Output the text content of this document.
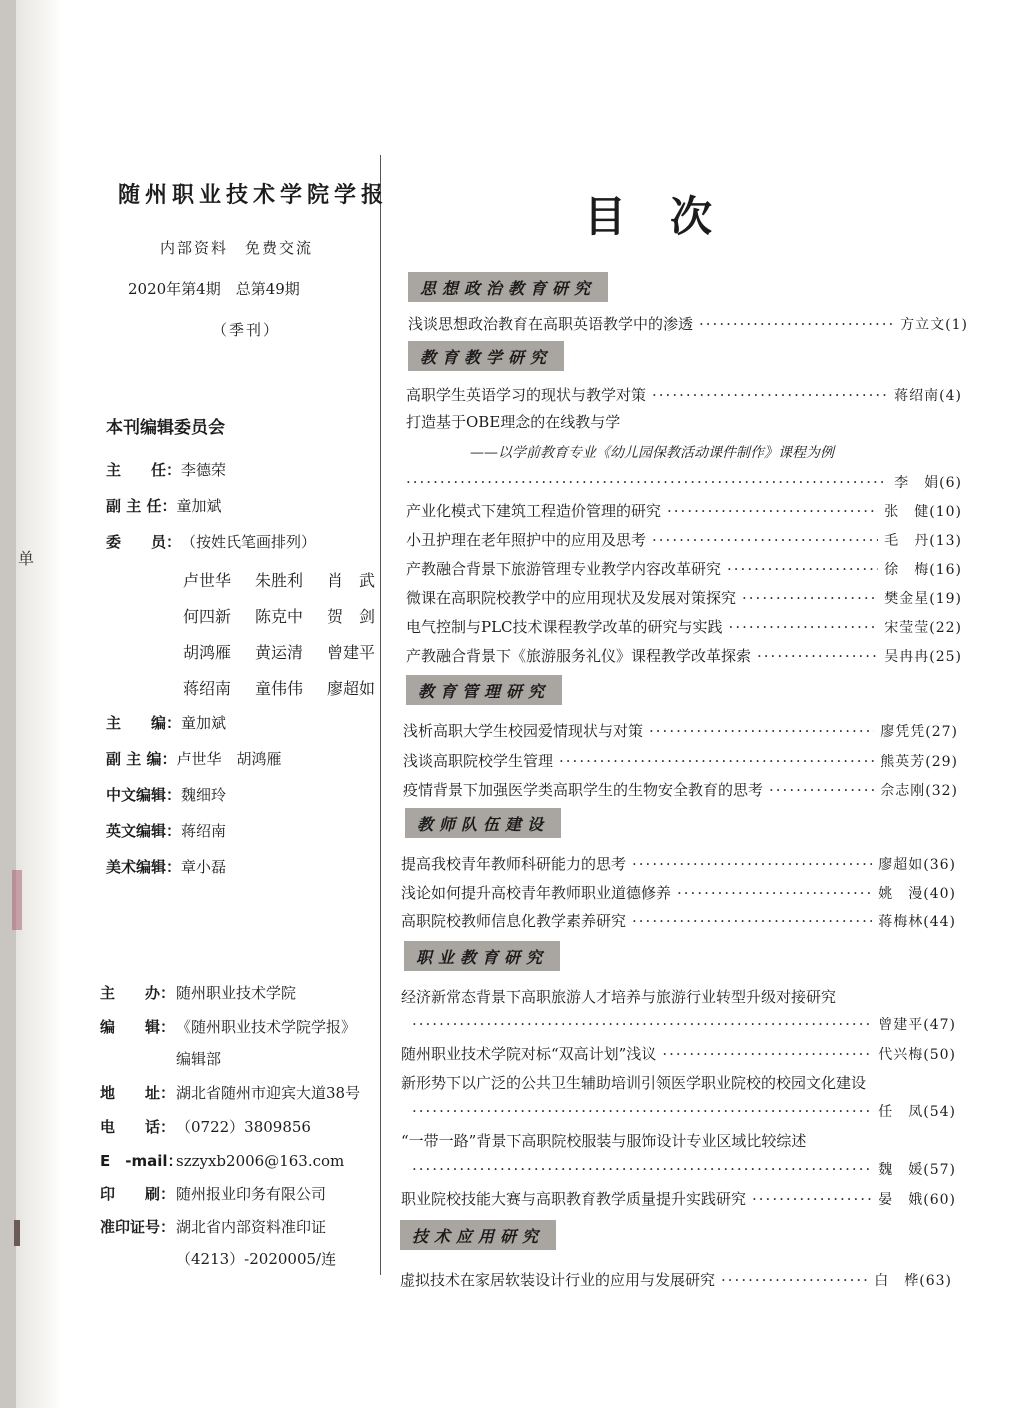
单
随州职业技术学院学报
内部资料　免费交流
2020年第4期　总第49期
（季刊）
本刊编辑委员会
主　　任： 李德荣
副 主 任： 童加斌
委　　员： （按姓氏笔画排列）
卢世华	朱胜利	肖　武
何四新	陈克中	贺　剑
胡鸿雁	黄运清	曾建平
蒋绍南	童伟伟	廖超如
主　　编： 童加斌
副 主 编： 卢世华　胡鸿雁
中文编辑： 魏细玲
英文编辑： 蒋绍南
美术编辑： 章小磊
主　　办： 随州职业技术学院
编　　辑： 《随州职业技术学院学报》
编辑部
地　　址： 湖北省随州市迎宾大道38号
电　　话： （0722）3809856
E　-mail：
szzyxb2006@163.com
印　　刷： 随州报业印务有限公司
准印证号： 湖北省内部资料准印证
（4213）-2020005/连
目次
思想政治教育研究
浅谈思想政治教育在高职英语教学中的渗透 ·····	方立文(1)
教育教学研究
高职学生英语学习的现状与教学对策 ·····	蒋绍南(4)
打造基于OBE理念的在线教与学
——以学前教育专业《幼儿园保教活动课件制作》课程为例
·····
李　娟(6)
产业化模式下建筑工程造价管理的研究 ·····	张　健(10)
小丑护理在老年照护中的应用及思考 ·····	毛　丹(13)
产教融合背景下旅游管理专业教学内容改革研究 ·····	徐　梅(16)
微课在高职院校教学中的应用现状及发展对策探究 ·····	樊金星(19)
电气控制与PLC技术课程教学改革的研究与实践 ·····	宋莹莹(22)
产教融合背景下《旅游服务礼仪》课程教学改革探索 ·····	吴冉冉(25)
教育管理研究
浅析高职大学生校园爱情现状与对策 ·····	廖凭凭(27)
浅谈高职院校学生管理 ·····	熊英芳(29)
疫情背景下加强医学类高职学生的生物安全教育的思考 ·····	佘志刚(32)
教师队伍建设
提高我校青年教师科研能力的思考 ·····	廖超如(36)
浅论如何提升高校青年教师职业道德修养 ·····	姚　漫(40)
高职院校教师信息化教学素养研究 ·····	蒋梅林(44)
职业教育研究
经济新常态背景下高职旅游人才培养与旅游行业转型升级对接研究
·····
曾建平(47)
随州职业技术学院对标“双高计划”浅议 ·····	代兴梅(50)
新形势下以广泛的公共卫生辅助培训引领医学职业院校的校园文化建设
·····
任　凤(54)
“一带一路”背景下高职院校服装与服饰设计专业区域比较综述
·····
魏　媛(57)
职业院校技能大赛与高职教育教学质量提升实践研究 ·····	晏　娥(60)
技术应用研究
虚拟技术在家居软装设计行业的应用与发展研究 ·····	白　桦(63)
